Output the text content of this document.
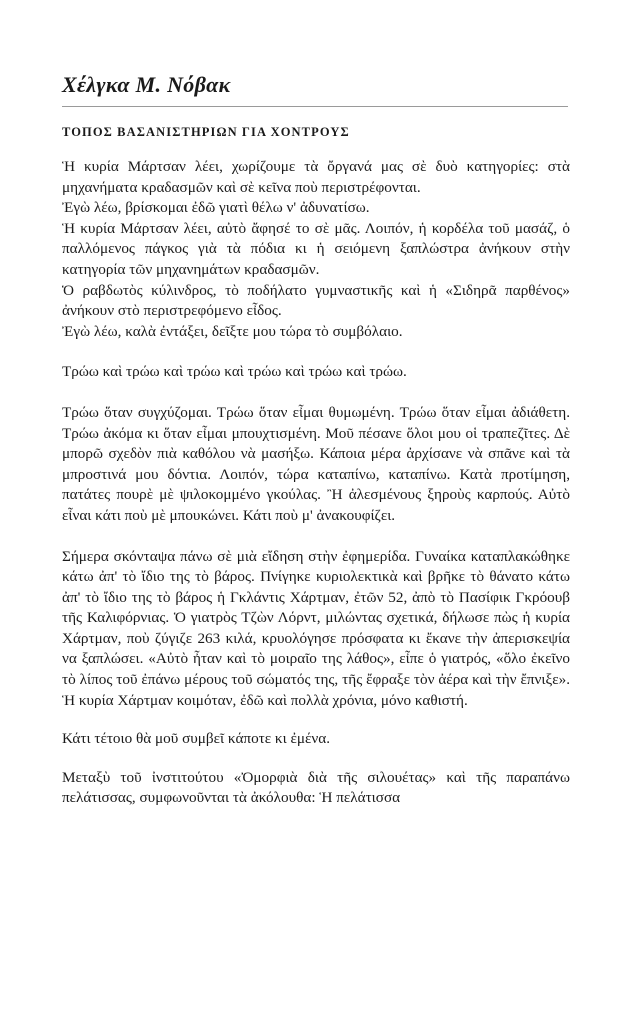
Χέλγκα Μ. Νόβακ
ΤΟΠΟΣ ΒΑΣΑΝΙΣΤΗΡΙΩΝ ΓΙΑ ΧΟΝΤΡΟΥΣ

Ἡ κυρία Μάρτσαν λέει, χωρίζουμε τὰ ὄργανά μας σὲ δυὸ κατηγορίες: στὰ μηχανήματα κραδασμῶν καὶ σὲ κεῖνα ποὺ περιστρέφονται.

Ἐγὼ λέω, βρίσκομαι ἐδῶ γιατὶ θέλω ν' ἀδυνατίσω.

Ἡ κυρία Μάρτσαν λέει, αὐτὸ ἄφησέ το σὲ μᾶς. Λοιπόν, ἡ κορδέλα τοῦ μασάζ, ὁ παλλόμενος πάγκος γιὰ τὰ πόδια κι ἡ σειόμενη ξαπλώστρα ἀνήκουν στὴν κατηγορία τῶν μηχανημάτων κραδασμῶν.

Ὁ ραβδωτὸς κύλινδρος, τὸ ποδήλατο γυμναστικῆς καὶ ἡ «Σιδηρᾶ παρθένος» ἀνήκουν στὸ περιστρεφόμενο εἶδος.

Ἐγὼ λέω, καλὰ ἐντάξει, δεῖξτε μου τώρα τὸ συμβόλαιο.

Τρώω καὶ τρώω καὶ τρώω καὶ τρώω καὶ τρώω καὶ τρώω.

Τρώω ὅταν συγχύζομαι. Τρώω ὅταν εἶμαι θυμωμένη. Τρώω ὅταν εἶμαι ἀδιάθετη. Τρώω ἀκόμα κι ὅταν εἶμαι μπουχτισμένη. Μοῦ πέσανε ὅλοι μου οἱ τραπεζῖτες. Δὲ μπορῶ σχεδὸν πιὰ καθόλου νὰ μασήξω. Κάποια μέρα ἀρχίσανε νὰ σπᾶνε καὶ τὰ μπροστινά μου δόντια. Λοιπόν, τώρα καταπίνω, καταπίνω. Κατὰ προτίμηση, πατάτες πουρὲ μὲ ψιλοκομμένο γκούλας. Ἢ ἀλεσμένους ξηροὺς καρπούς. Αὐτὸ εἶναι κάτι ποὺ μὲ μπουκώνει. Κάτι ποὺ μ' ἀνακουφίζει.

Σήμερα σκόνταψα πάνω σὲ μιὰ εἴδηση στὴν ἐφημερίδα. Γυναίκα καταπλακώθηκε κάτω ἀπ' τὸ ἴδιο της τὸ βάρος. Πνίγηκε κυριολεκτικὰ καὶ βρῆκε τὸ θάνατο κάτω ἀπ' τὸ ἴδιο της τὸ βάρος ἡ Γκλάντις Χάρτμαν, ἐτῶν 52, ἀπὸ τὸ Πασίφικ Γκρόουβ τῆς Καλιφόρνιας. Ὁ γιατρὸς Τζὼν Λόρντ, μιλώντας σχετικά, δήλωσε πὼς ἡ κυρία Χάρτμαν, ποὺ ζύγιζε 263 κιλά, κρυολόγησε πρόσφατα κι ἔκανε τὴν ἀπερισκεψία να ξαπλώσει. «Αὐτὸ ἦταν καὶ τὸ μοιραῖο της λάθος», εἶπε ὁ γιατρός, «ὅλο ἐκεῖνο τὸ λίπος τοῦ ἐπάνω μέρους τοῦ σώματός της, τῆς ἔφραξε τὸν ἀέρα καὶ τὴν ἔπνιξε». Ἡ κυρία Χάρτμαν κοιμόταν, ἐδῶ καὶ πολλὰ χρόνια, μόνο καθιστή.

Κάτι τέτοιο θὰ μοῦ συμβεῖ κάποτε κι ἐμένα.

Μεταξὺ τοῦ ἰνστιτούτου «Ὀμορφιὰ διὰ τῆς σιλουέτας» καὶ τῆς παραπάνω πελάτισσας, συμφωνοῦνται τὰ ἀκόλουθα: Ἡ πελάτισσα
